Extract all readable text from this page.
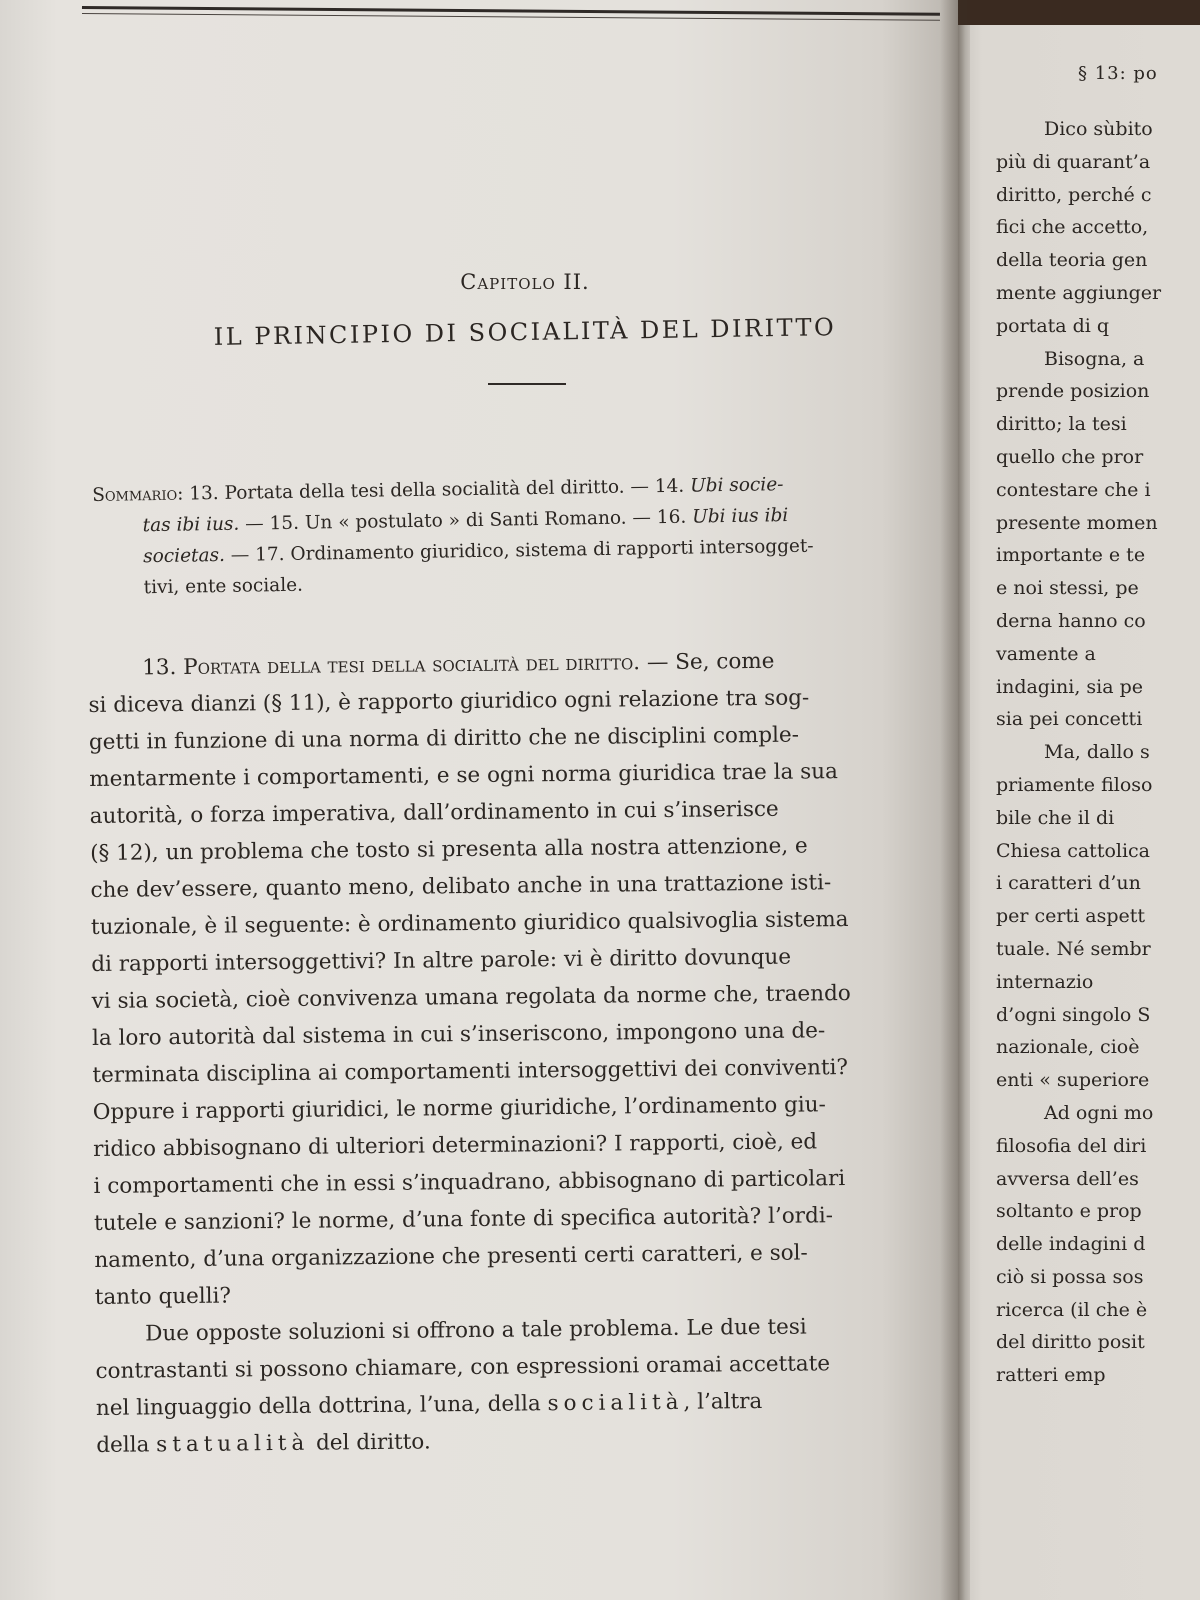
Capitolo II.
IL PRINCIPIO DI SOCIALITÀ DEL DIRITTO
Sommario: 13. Portata della tesi della socialità del diritto. — 14. Ubi socie-
tas ibi ius. — 15. Un « postulato » di Santi Romano. — 16. Ubi ius ibi
societas. — 17. Ordinamento giuridico, sistema di rapporti intersogget-
tivi, ente sociale.
13. Portata della tesi della socialità del diritto. — Se, come
si diceva dianzi (§ 11), è rapporto giuridico ogni relazione tra sog-
getti in funzione di una norma di diritto che ne disciplini comple-
mentarmente i comportamenti, e se ogni norma giuridica trae la sua
autorità, o forza imperativa, dall’ordinamento in cui s’inserisce
(§ 12), un problema che tosto si presenta alla nostra attenzione, e
che dev’essere, quanto meno, delibato anche in una trattazione isti-
tuzionale, è il seguente: è ordinamento giuridico qualsivoglia sistema
di rapporti intersoggettivi? In altre parole: vi è diritto dovunque
vi sia società, cioè convivenza umana regolata da norme che, traendo
la loro autorità dal sistema in cui s’inseriscono, impongono una de-
terminata disciplina ai comportamenti intersoggettivi dei conviventi?
Oppure i rapporti giuridici, le norme giuridiche, l’ordinamento giu-
ridico abbisognano di ulteriori determinazioni? I rapporti, cioè, ed
i comportamenti che in essi s’inquadrano, abbisognano di particolari
tutele e sanzioni? le norme, d’una fonte di specifica autorità? l’ordi-
namento, d’una organizzazione che presenti certi caratteri, e sol-
tanto quelli?
Due opposte soluzioni si offrono a tale problema. Le due tesi
contrastanti si possono chiamare, con espressioni oramai accettate
nel linguaggio della dottrina, l’una, della socialità, l’altra
della statualità del diritto.
§ 13: po
Dico sùbito
più di quarant’a
diritto, perché c
fici che accetto,
della teoria gen
mente aggiunger
portata di q
Bisogna, a
prende posizion
diritto; la tesi
quello che pror
contestare che i
presente momen
importante e te
e noi stessi, pe
derna hanno co
vamente a
indagini, sia pe
sia pei concetti
Ma, dallo s
priamente filoso
bile che il di
Chiesa cattolica
i caratteri d’un
per certi aspett
tuale. Né sembr
internazio
d’ogni singolo S
nazionale, cioè
enti « superiore
Ad ogni mo
filosofia del diri
avversa dell’es
soltanto e prop
delle indagini d
ciò si possa sos
ricerca (il che è
del diritto posit
ratteri emp
